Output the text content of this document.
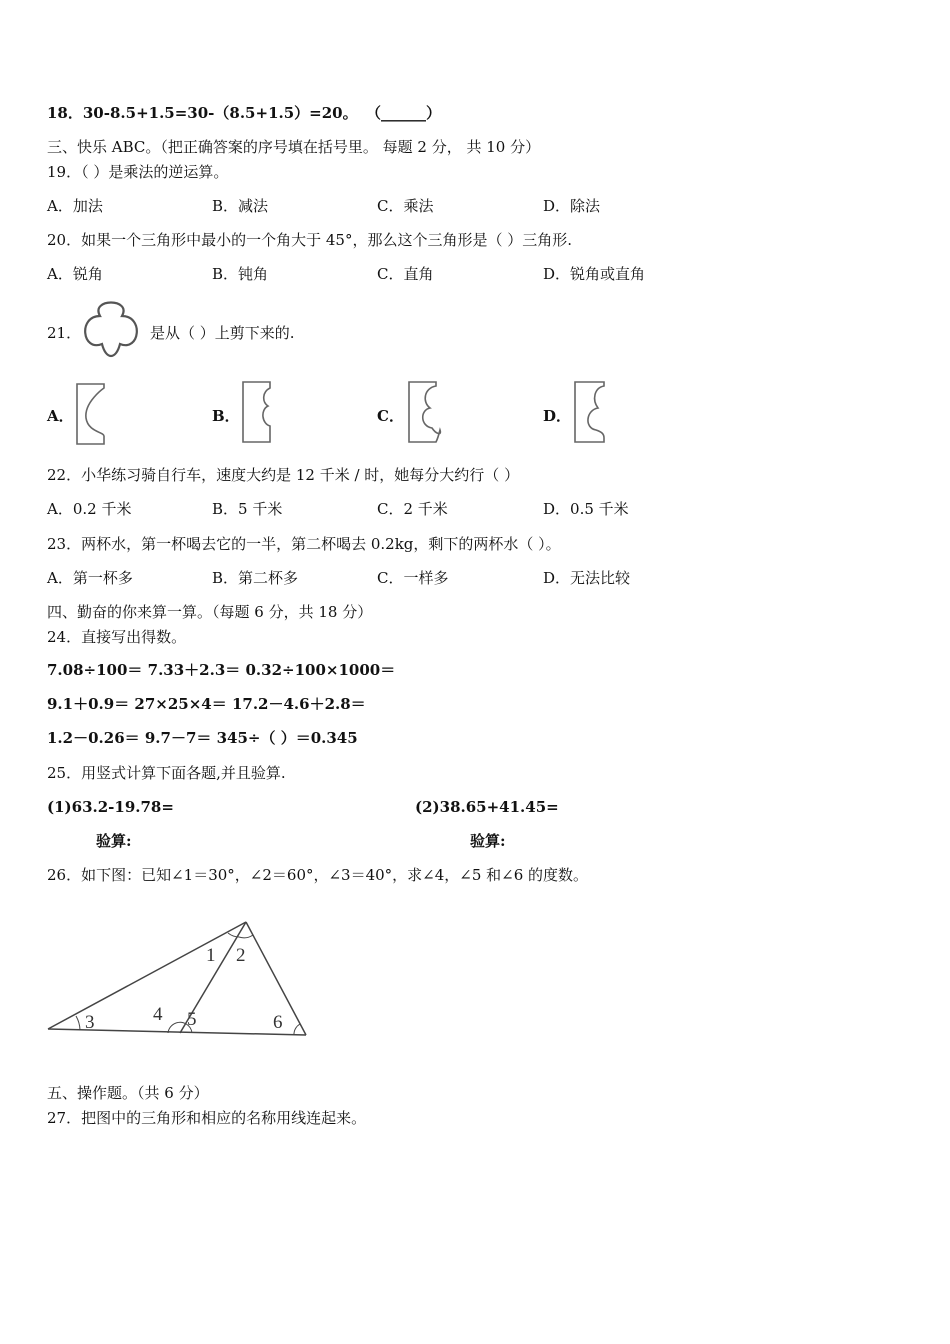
18．30-8.5+1.5=30-（8.5+1.5）=20。 （______）
三、快乐 ABC。（把正确答案的序号填在括号里。 每题 2 分， 共 10 分）
19．（ ）是乘法的逆运算。
A．加法	B．减法	C．乘法	D．除法
20．如果一个三角形中最小的一个角大于 45°，那么这个三角形是（ ）三角形.
A．锐角	B．钝角	C．直角	D．锐角或直角
21．	是从（ ）上剪下来的.
A．	B．	C．	D．
22．小华练习骑自行车，速度大约是 12 千米 / 时，她每分大约行（ ）
A．0.2 千米	B．5 千米	C．2 千米	D．0.5 千米
23．两杯水，第一杯喝去它的一半，第二杯喝去 0.2kg，剩下的两杯水（ ）。
A．第一杯多	B．第二杯多	C．一样多	D．无法比较
四、勤奋的你来算一算。（每题 6 分，共 18 分）
24．直接写出得数。
7.08÷100＝ 7.33＋2.3＝ 0.32÷100×1000＝
9.1＋0.9＝ 27×25×4＝ 17.2－4.6＋2.8＝
1.2－0.26＝ 9.7－7＝ 345÷（ ）＝0.345
25．用竖式计算下面各题,并且验算.
(1)63.2-19.78=	(2)38.65+41.45=
验算:	验算:
26．如下图：已知∠1＝30°，∠2＝60°，∠3＝40°，求∠4，∠5 和∠6 的度数。
1 2
3	4 5	6
五、操作题。（共 6 分）
27．把图中的三角形和相应的名称用线连起来。
